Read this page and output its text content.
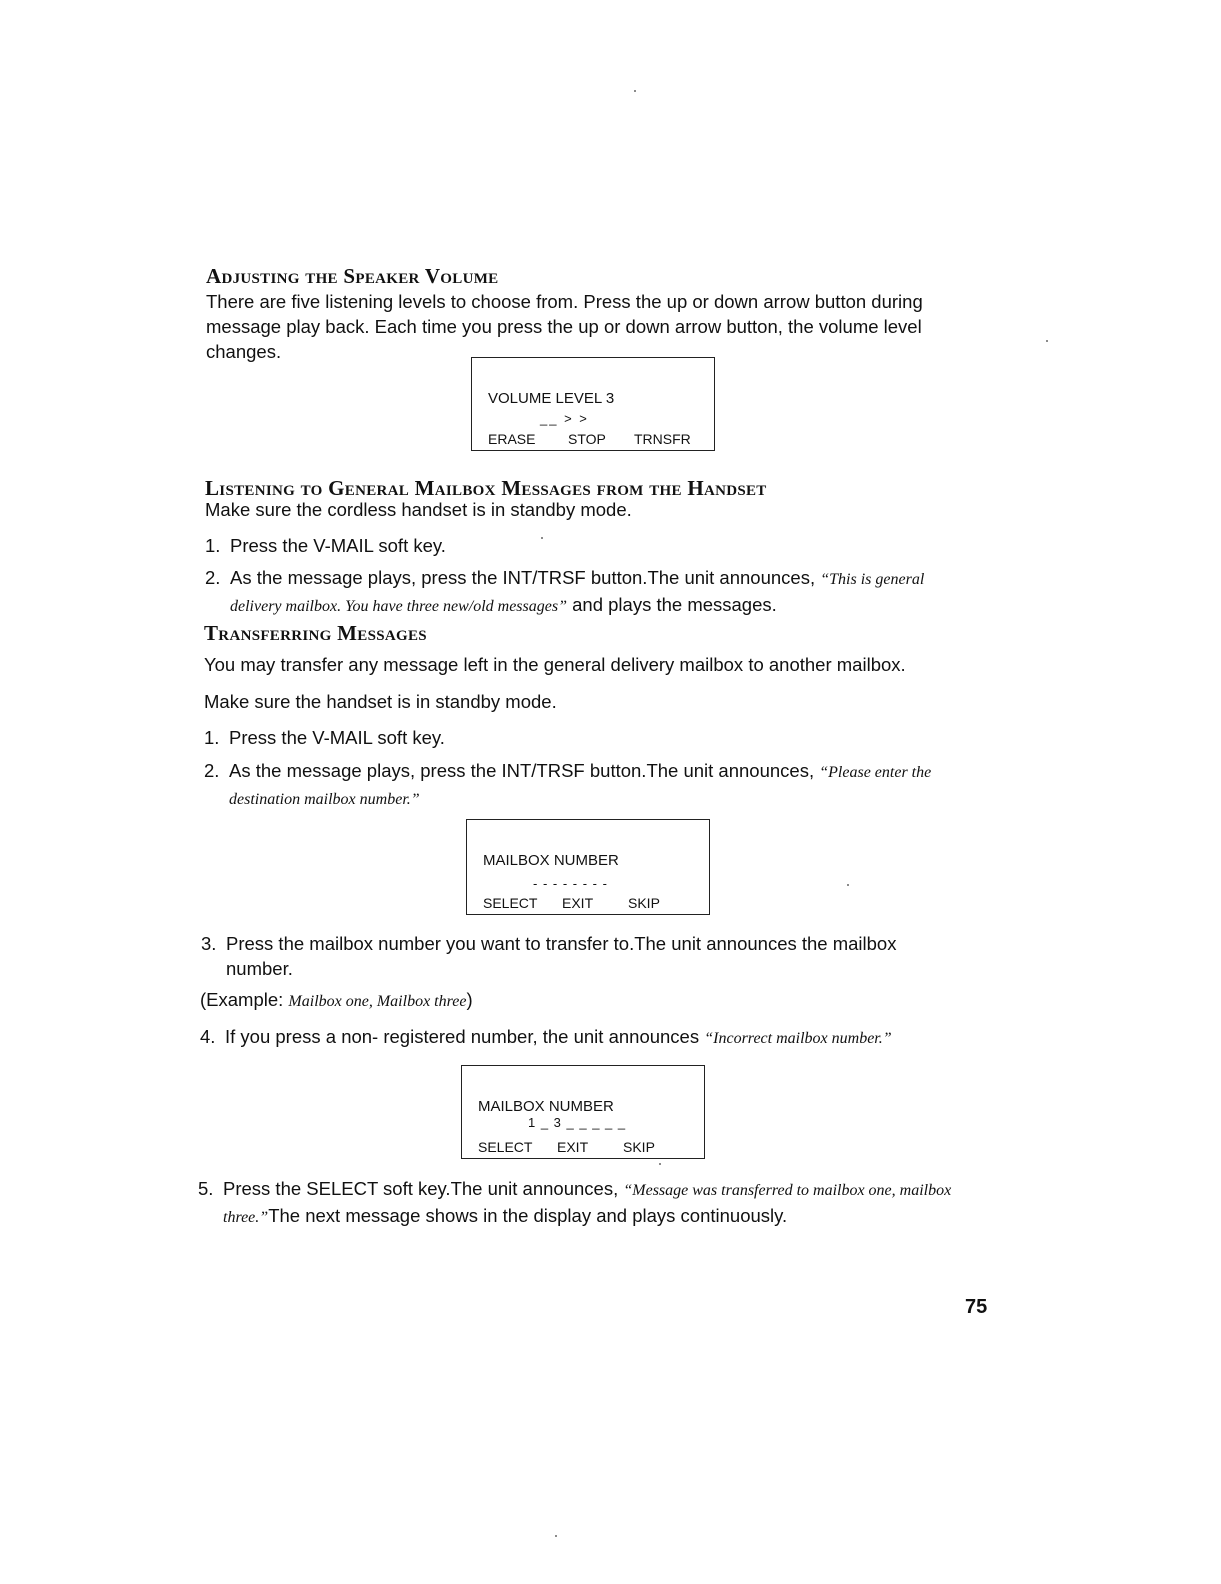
Adjusting the Speaker Volume
There are five listening levels to choose from. Press the up or down arrow button during message play back. Each time you press the up or down arrow button, the volume level changes.
VOLUME LEVEL 3
__ > >
ERASE STOP TRNSFR
Listening to General Mailbox Messages from the Handset
Make sure the cordless handset is in standby mode.
1. Press the V-MAIL soft key.
2. As the message plays, press the INT/TRSF button.The unit announces, “This is general delivery mailbox. You have three new/old messages” and plays the messages.
Transferring Messages
You may transfer any message left in the general delivery mailbox to another mailbox.
Make sure the handset is in standby mode.
1. Press the V-MAIL soft key.
2. As the message plays, press the INT/TRSF button.The unit announces, “Please enter the destination mailbox number.”
MAILBOX NUMBER
- - - - - - - -
SELECT EXIT SKIP
3. Press the mailbox number you want to transfer to.The unit announces the mailbox number.
(Example: Mailbox one, Mailbox three)
4. If you press a non- registered number, the unit announces “Incorrect mailbox number.”
MAILBOX NUMBER
1 _ 3 _ _ _ _ _
SELECT EXIT SKIP
5. Press the SELECT soft key.The unit announces, “Message was transferred to mailbox one, mailbox three.”The next message shows in the display and plays continuously.
75
